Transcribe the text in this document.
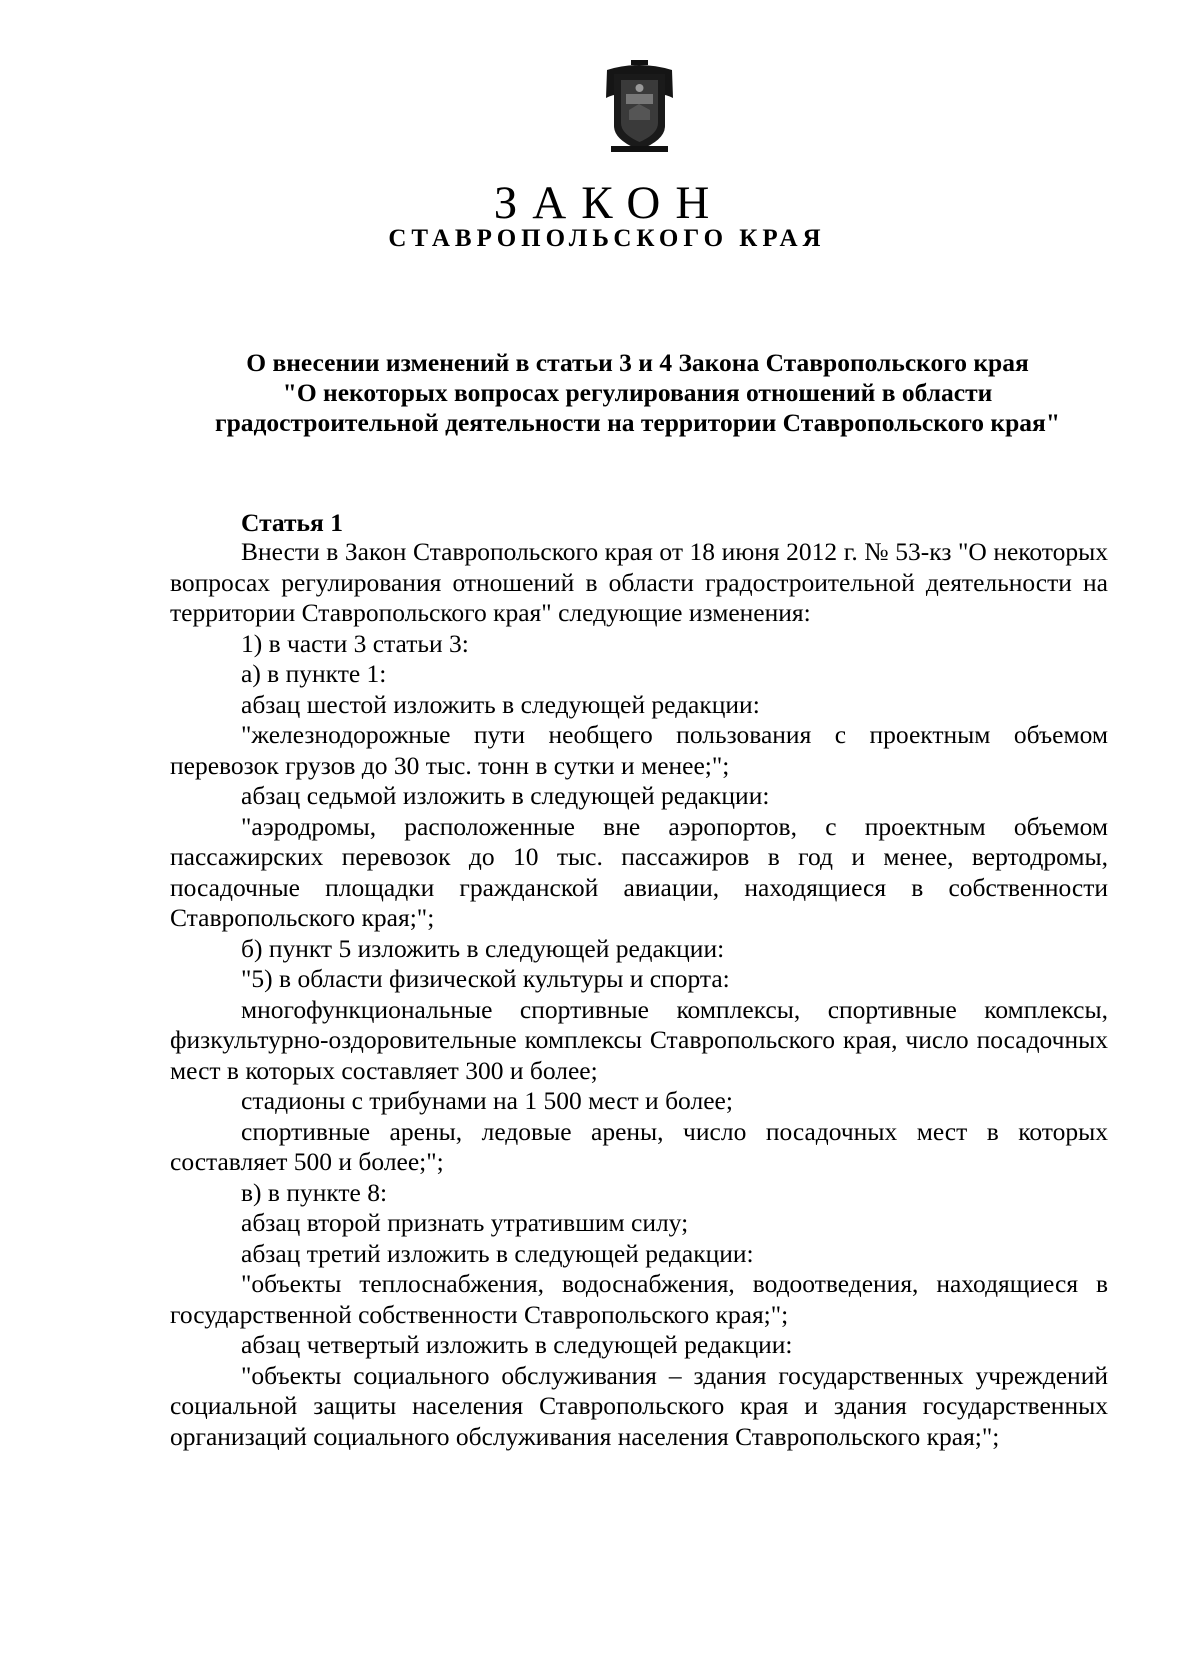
ЗАКОН
СТАВРОПОЛЬСКОГО КРАЯ
О внесении изменений в статьи 3 и 4 Закона Ставропольского края
"О некоторых вопросах регулирования отношений в области
градостроительной деятельности на территории Ставропольского края"
Статья 1

Внести в Закон Ставропольского края от 18 июня 2012 г. № 53-кз "О некоторых вопросах регулирования отношений в области градостроительной деятельности на территории Ставропольского края" следующие изменения:

1) в части 3 статьи 3:

а) в пункте 1:

абзац шестой изложить в следующей редакции:

"железнодорожные пути необщего пользования с проектным объемом перевозок грузов до 30 тыс. тонн в сутки и менее;";

абзац седьмой изложить в следующей редакции:

"аэродромы, расположенные вне аэропортов, с проектным объемом пассажирских перевозок до 10 тыс. пассажиров в год и менее, вертодромы, посадочные площадки гражданской авиации, находящиеся в собственности Ставропольского края;";

б) пункт 5 изложить в следующей редакции:

"5) в области физической культуры и спорта:

многофункциональные спортивные комплексы, спортивные комплексы, физкультурно-оздоровительные комплексы Ставропольского края, число посадочных мест в которых составляет 300 и более;

стадионы с трибунами на 1 500 мест и более;

спортивные арены, ледовые арены, число посадочных мест в которых составляет 500 и более;";

в) в пункте 8:

абзац второй признать утратившим силу;

абзац третий изложить в следующей редакции:

"объекты теплоснабжения, водоснабжения, водоотведения, находящиеся в государственной собственности Ставропольского края;";

абзац четвертый изложить в следующей редакции:

"объекты социального обслуживания – здания государственных учреждений социальной защиты населения Ставропольского края и здания государственных организаций социального обслуживания населения Ставропольского края;";
